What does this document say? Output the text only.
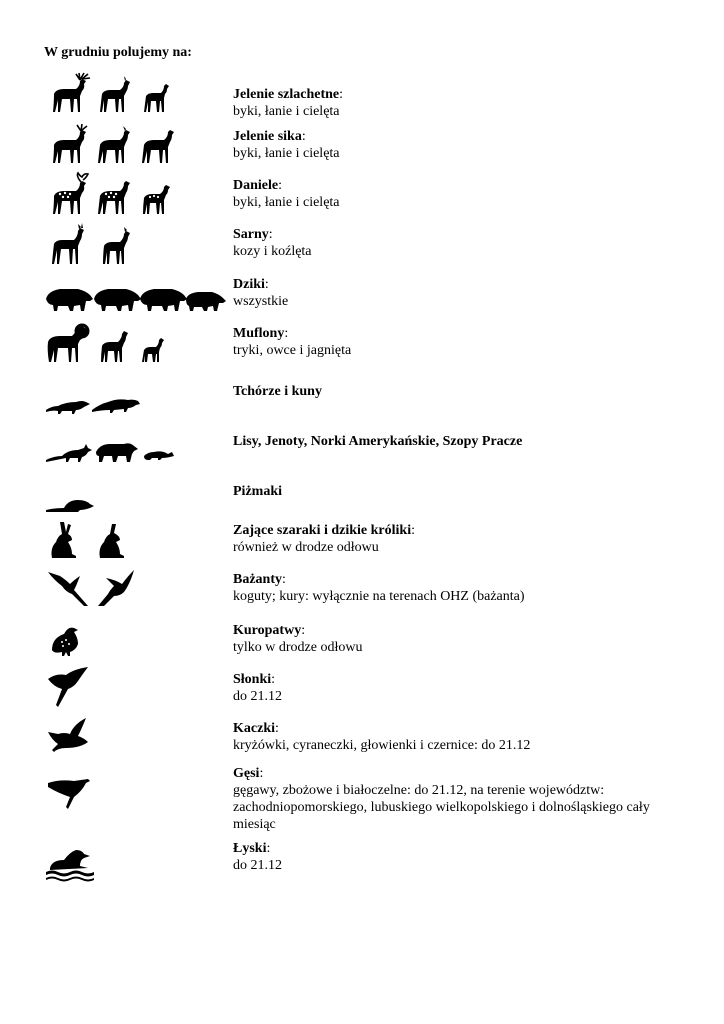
W grudniu polujemy na:
Jelenie szlachetne:
byki, łanie i cielęta
Jelenie sika:
byki, łanie i cielęta
Daniele:
byki, łanie i cielęta
Sarny:
kozy i koźlęta
Dziki:
wszystkie
Muflony:
tryki, owce i jagnięta
Tchórze i kuny
Lisy, Jenoty, Norki Amerykańskie, Szopy Pracze
Piżmaki
Zające szaraki i dzikie króliki:
również w drodze odłowu
Bażanty:
koguty; kury: wyłącznie na terenach OHZ (bażanta)
Kuropatwy:
tylko w drodze odłowu
Słonki:
do 21.12
Kaczki:
kryżówki, cyraneczki, głowienki i czernice: do 21.12
Gęsi:
gęgawy, zbożowe i białoczelne: do 21.12, na terenie województw: zachodniopomorskiego, lubuskiego wielkopolskiego i dolnośląskiego cały miesiąc
Łyski:
do 21.12
